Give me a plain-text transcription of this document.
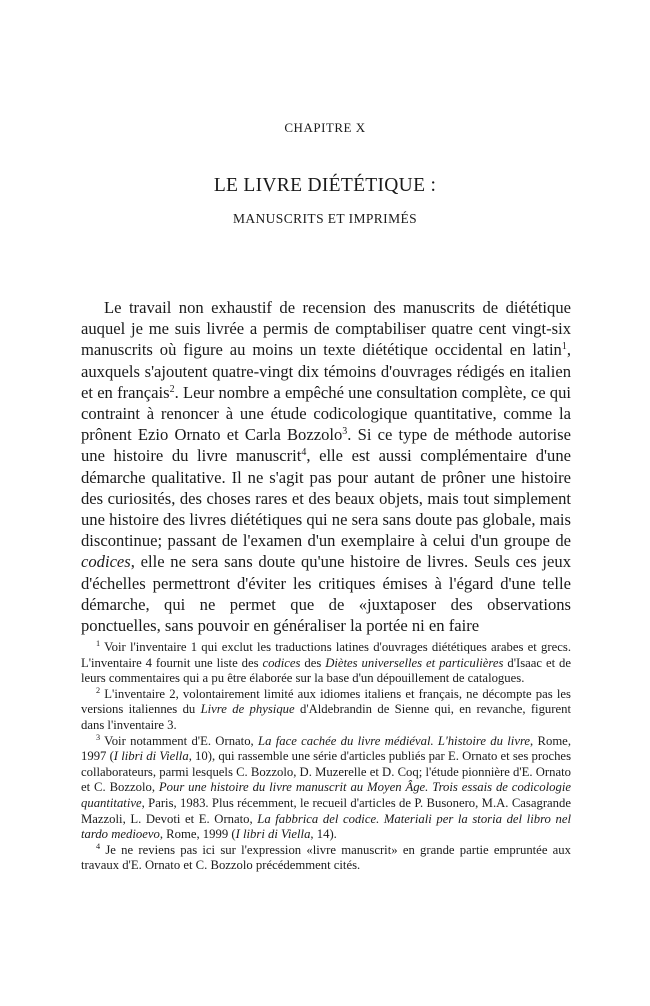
CHAPITRE X
LE LIVRE DIÉTÉTIQUE :
MANUSCRITS ET IMPRIMÉS

Le travail non exhaustif de recension des manuscrits de diététique auquel je me suis livrée a permis de comptabiliser quatre cent vingt-six manuscrits où figure au moins un texte diététique occidental en latin$^1$, auxquels s'ajoutent quatre-vingt dix témoins d'ouvrages rédigés en italien et en français$^2$. Leur nombre a empêché une consultation complète, ce qui contraint à renoncer à une étude codicologique quantitative, comme la prônent Ezio Ornato et Carla Bozzolo$^3$. Si ce type de méthode autorise une histoire du livre manuscrit$^4$, elle est aussi complémentaire d'une démarche qualitative. Il ne s'agit pas pour autant de prôner une histoire des curiosités, des choses rares et des beaux objets, mais tout simplement une histoire des livres diététiques qui ne sera sans doute pas globale, mais discontinue; passant de l'examen d'un exemplaire à celui d'un groupe de codices, elle ne sera sans doute qu'une histoire de livres. Seuls ces jeux d'échelles permettront d'éviter les critiques émises à l'égard d'une telle démarche, qui ne permet que de «juxtaposer des observations ponctuelles, sans pouvoir en généraliser la portée ni en faire

$^1$ Voir l'inventaire 1 qui exclut les traductions latines d'ouvrages diététiques arabes et grecs. L'inventaire 4 fournit une liste des codices des Diètes universelles et particulières d'Isaac et de leurs commentaires qui a pu être élaborée sur la base d'un dépouillement de catalogues.

$^2$ L'inventaire 2, volontairement limité aux idiomes italiens et français, ne décompte pas les versions italiennes du Livre de physique d'Aldebrandin de Sienne qui, en revanche, figurent dans l'inventaire 3.

$^3$ Voir notamment d'E. Ornato, La face cachée du livre médiéval. L'histoire du livre, Rome, 1997 (I libri di Viella, 10), qui rassemble une série d'articles publiés par E. Ornato et ses proches collaborateurs, parmi lesquels C. Bozzolo, D. Muzerelle et D. Coq; l'étude pionnière d'E. Ornato et C. Bozzolo, Pour une histoire du livre manuscrit au Moyen Âge. Trois essais de codicologie quantitative, Paris, 1983. Plus récemment, le recueil d'articles de P. Busonero, M.A. Casagrande Mazzoli, L. Devoti et E. Ornato, La fabbrica del codice. Materiali per la storia del libro nel tardo medioevo, Rome, 1999 (I libri di Viella, 14).

$^4$ Je ne reviens pas ici sur l'expression «livre manuscrit» en grande partie empruntée aux travaux d'E. Ornato et C. Bozzolo précédemment cités.
